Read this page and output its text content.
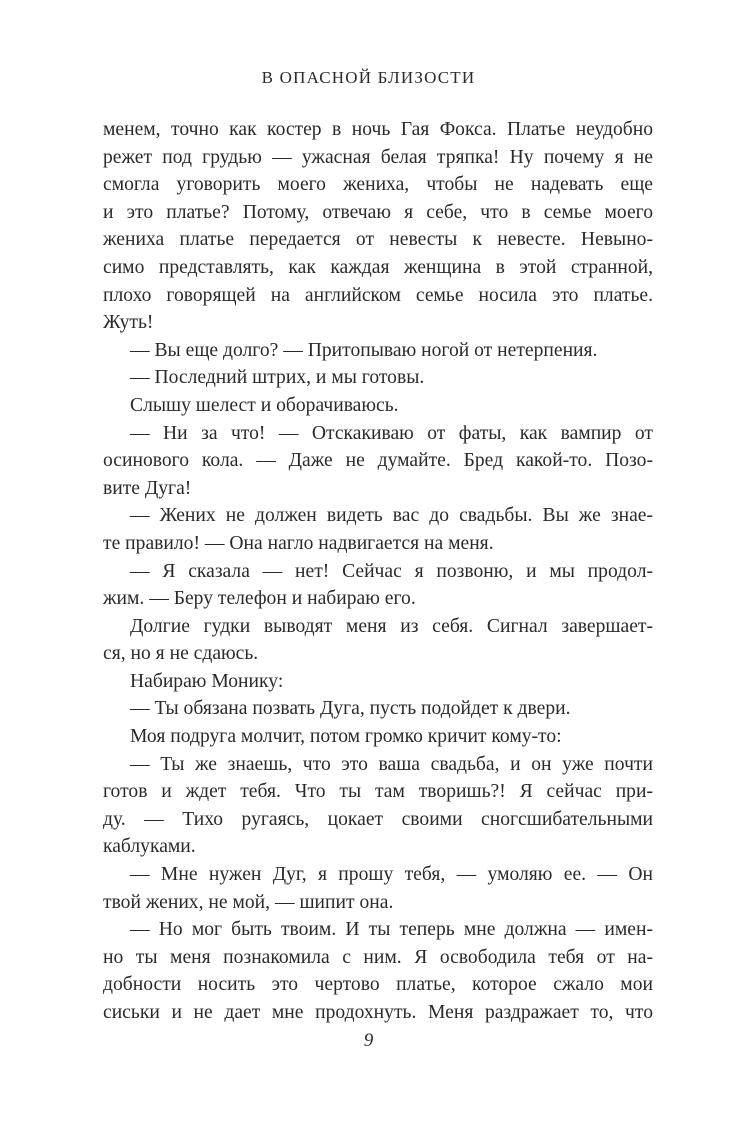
В ОПАСНОЙ БЛИЗОСТИ
менем, точно как костер в ночь Гая Фокса. Платье неудобно
режет под грудью — ужасная белая тряпка! Ну почему я не
смогла уговорить моего жениха, чтобы не надевать еще
и это платье? Потому, отвечаю я себе, что в семье моего
жениха платье передается от невесты к невесте. Невыно-
симо представлять, как каждая женщина в этой странной,
плохо говорящей на английском семье носила это платье.
Жуть!
— Вы еще долго? — Притопываю ногой от нетерпения.
— Последний штрих, и мы готовы.
Слышу шелест и оборачиваюсь.
— Ни за что! — Отскакиваю от фаты, как вампир от
осинового кола. — Даже не думайте. Бред какой-то. Позо-
вите Дуга!
— Жених не должен видеть вас до свадьбы. Вы же знае-
те правило! — Она нагло надвигается на меня.
— Я сказала — нет! Сейчас я позвоню, и мы продол-
жим. — Беру телефон и набираю его.
Долгие гудки выводят меня из себя. Сигнал завершает-
ся, но я не сдаюсь.
Набираю Монику:
— Ты обязана позвать Дуга, пусть подойдет к двери.
Моя подруга молчит, потом громко кричит кому-то:
— Ты же знаешь, что это ваша свадьба, и он уже почти
готов и ждет тебя. Что ты там творишь?! Я сейчас при-
ду. — Тихо ругаясь, цокает своими сногсшибательными
каблуками.
— Мне нужен Дуг, я прошу тебя, — умоляю ее. — Он
твой жених, не мой, — шипит она.
— Но мог быть твоим. И ты теперь мне должна — имен-
но ты меня познакомила с ним. Я освободила тебя от на-
добности носить это чертово платье, которое сжало мои
сиськи и не дает мне продохнуть. Меня раздражает то, что
9
